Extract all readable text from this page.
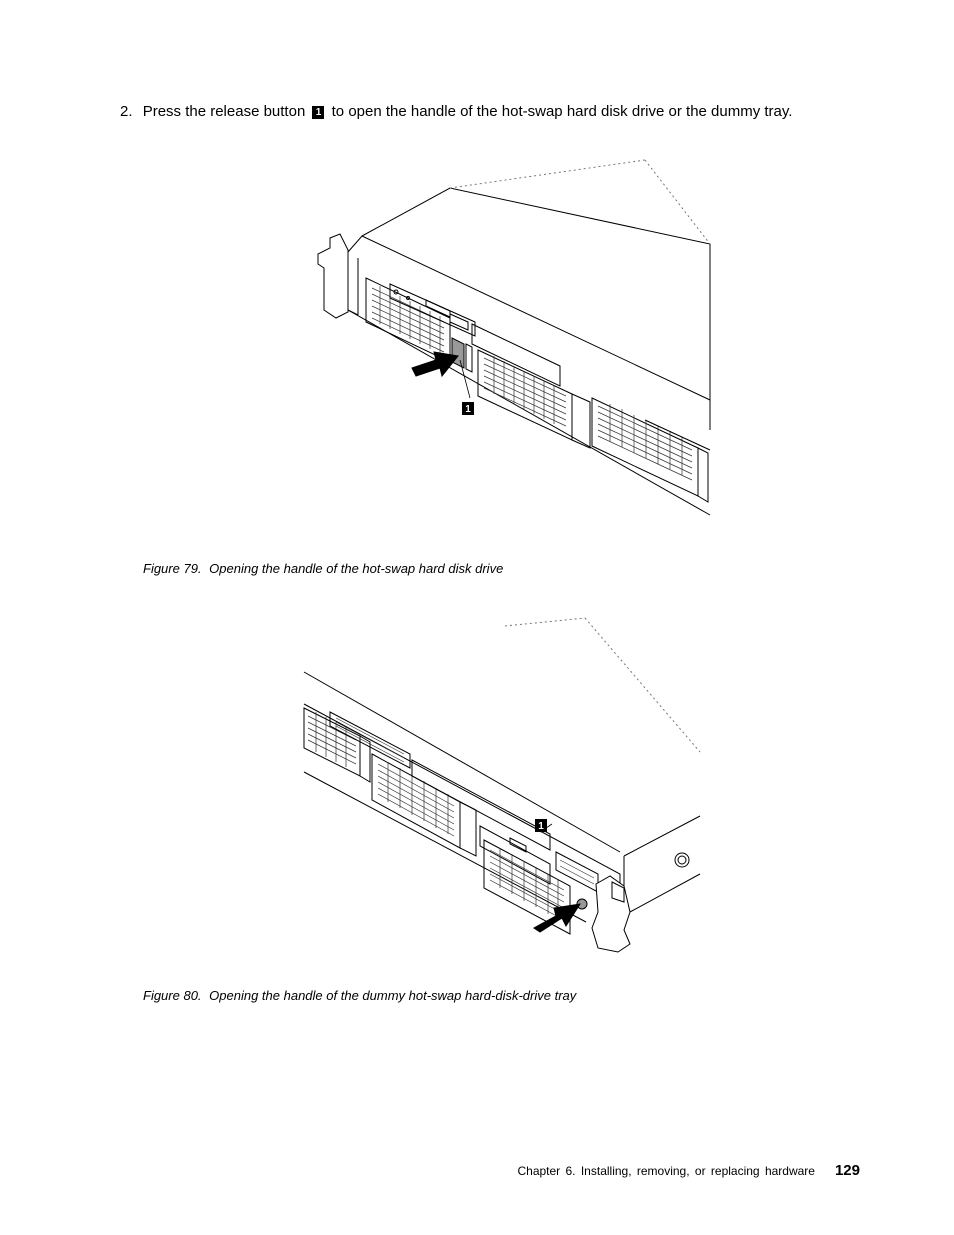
2. Press the release button 1 to open the handle of the hot-swap hard disk drive or the dummy tray.
1
Figure 79. Opening the handle of the hot-swap hard disk drive
1
Figure 80. Opening the handle of the dummy hot-swap hard-disk-drive tray
Chapter 6. Installing, removing, or replacing hardware 129
